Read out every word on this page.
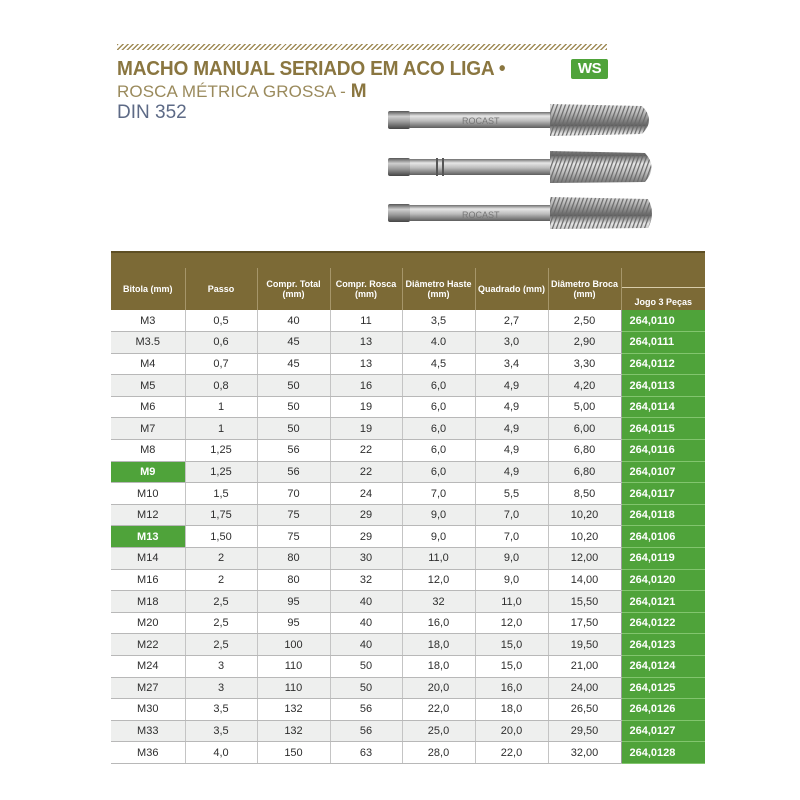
MACHO MANUAL SERIADO EM ACO LIGA •	WS
ROSCA MÉTRICA GROSSA - M
DIN 352	ROCAST
ROCAST
Bitola (mm)	Passo	Compr. Total (mm)	Compr. Rosca (mm)	Diâmetro Haste (mm)	Quadrado (mm)	Diâmetro Broca (mm)	Jogo 3 Peças
M3	0,5	40	11	3,5	2,7	2,50	264,0110
M3.5	0,6	45	13	4.0	3,0	2,90	264,0111
M4	0,7	45	13	4,5	3,4	3,30	264,0112
M5	0,8	50	16	6,0	4,9	4,20	264,0113
M6	1	50	19	6,0	4,9	5,00	264,0114
M7	1	50	19	6,0	4,9	6,00	264,0115
M8	1,25	56	22	6,0	4,9	6,80	264,0116
M9	1,25	56	22	6,0	4,9	6,80	264,0107
M10	1,5	70	24	7,0	5,5	8,50	264,0117
M12	1,75	75	29	9,0	7,0	10,20	264,0118
M13	1,50	75	29	9,0	7,0	10,20	264,0106
M14	2	80	30	11,0	9,0	12,00	264,0119
M16	2	80	32	12,0	9,0	14,00	264,0120
M18	2,5	95	40	32	11,0	15,50	264,0121
M20	2,5	95	40	16,0	12,0	17,50	264,0122
M22	2,5	100	40	18,0	15,0	19,50	264,0123
M24	3	110	50	18,0	15,0	21,00	264,0124
M27	3	110	50	20,0	16,0	24,00	264,0125
M30	3,5	132	56	22,0	18,0	26,50	264,0126
M33	3,5	132	56	25,0	20,0	29,50	264,0127
M36	4,0	150	63	28,0	22,0	32,00	264,0128
